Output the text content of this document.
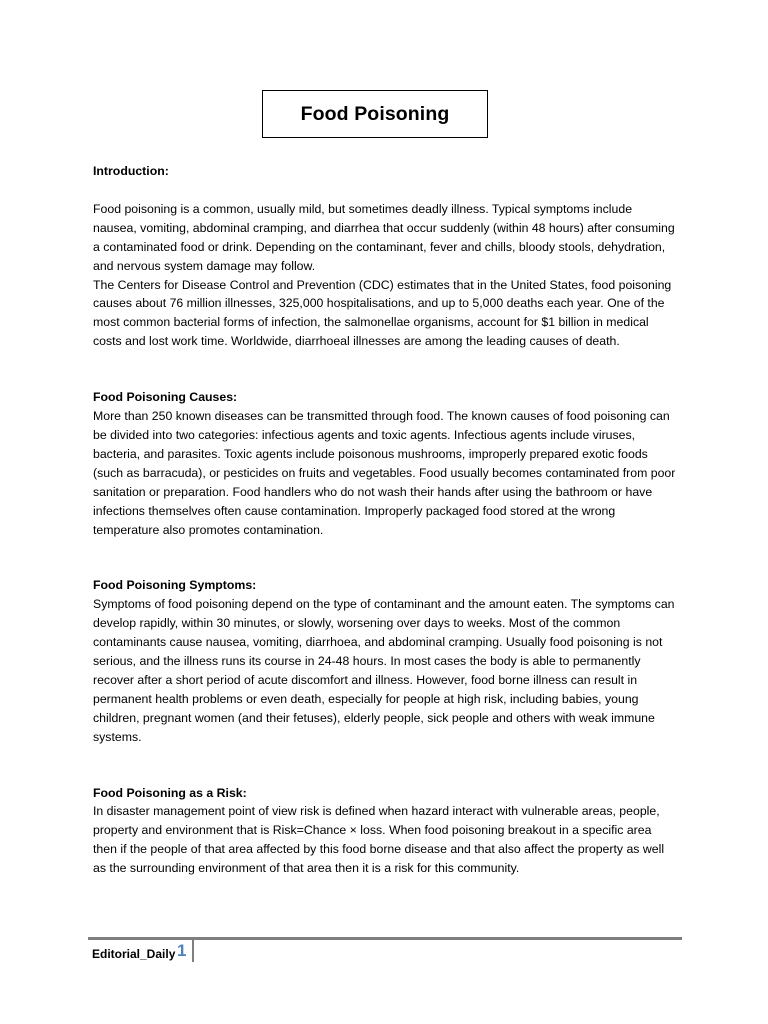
Food Poisoning

Introduction:

Food poisoning is a common, usually mild, but sometimes deadly illness. Typical symptoms include nausea, vomiting, abdominal cramping, and diarrhea that occur suddenly (within 48 hours) after consuming a contaminated food or drink. Depending on the contaminant, fever and chills, bloody stools, dehydration, and nervous system damage may follow.

The Centers for Disease Control and Prevention (CDC) estimates that in the United States, food poisoning causes about 76 million illnesses, 325,000 hospitalisations, and up to 5,000 deaths each year. One of the most common bacterial forms of infection, the salmonellae organisms, account for $1 billion in medical costs and lost work time. Worldwide, diarrhoeal illnesses are among the leading causes of death.

Food Poisoning Causes:

More than 250 known diseases can be transmitted through food. The known causes of food poisoning can be divided into two categories: infectious agents and toxic agents. Infectious agents include viruses, bacteria, and parasites. Toxic agents include poisonous mushrooms, improperly prepared exotic foods (such as barracuda), or pesticides on fruits and vegetables. Food usually becomes contaminated from poor sanitation or preparation. Food handlers who do not wash their hands after using the bathroom or have infections themselves often cause contamination. Improperly packaged food stored at the wrong temperature also promotes contamination.

Food Poisoning Symptoms:

Symptoms of food poisoning depend on the type of contaminant and the amount eaten. The symptoms can develop rapidly, within 30 minutes, or slowly, worsening over days to weeks. Most of the common contaminants cause nausea, vomiting, diarrhoea, and abdominal cramping. Usually food poisoning is not serious, and the illness runs its course in 24-48 hours. In most cases the body is able to permanently recover after a short period of acute discomfort and illness. However, food borne illness can result in permanent health problems or even death, especially for people at high risk, including babies, young children, pregnant women (and their fetuses), elderly people, sick people and others with weak immune systems.

Food Poisoning as a Risk:

In disaster management point of view risk is defined when hazard interact with vulnerable areas, people, property and environment that is Risk=Chance × loss. When food poisoning breakout in a specific area then if the people of that area affected by this food borne disease and that also affect the property as well as the surrounding environment of that area then it is a risk for this community.

Editorial_Daily 1
